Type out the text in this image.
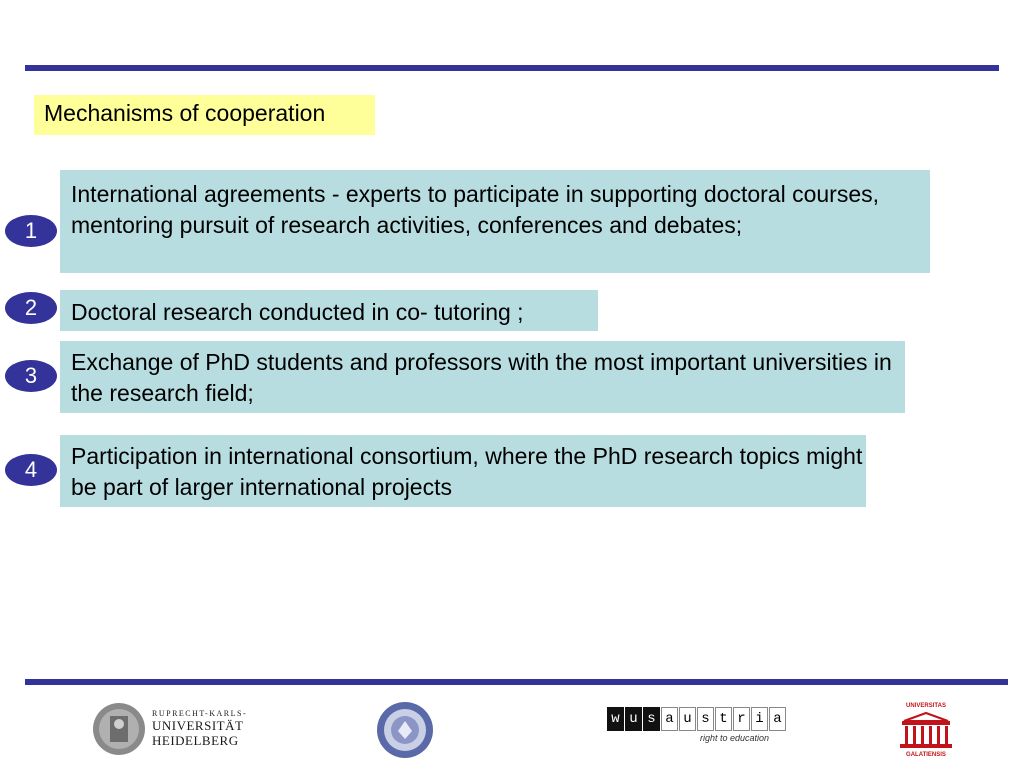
Mechanisms of cooperation
1
International agreements - experts to participate in supporting doctoral courses, mentoring pursuit of research activities, conferences and debates;
2	Doctoral research conducted in co- tutoring ;
3
Exchange of PhD students and professors with the most important universities in the research field;
4
Participation in international consortium, where the PhD research topics might be part of larger international projects
RUPRECHT-KARLS-
UNIVERSITÄT
HEIDELBERG
w u s a u s t r i a
right to education
UNIVERSITAS
GALATIENSIS
